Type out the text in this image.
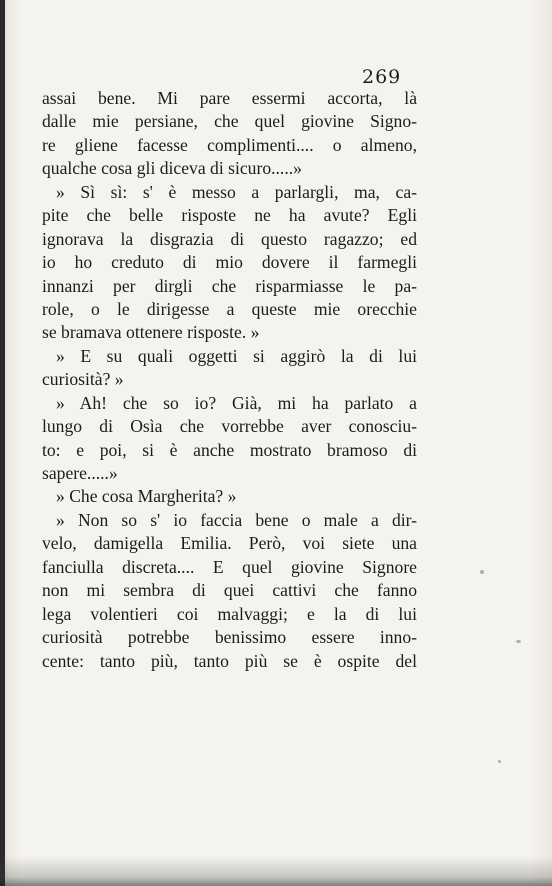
269
assai bene. Mi pare essermi accorta, là
dalle mie persiane, che quel giovine Signo-
re gliene facesse complimenti.... o almeno,
qualche cosa gli diceva di sicuro.....»
» Sì sì: s' è messo a parlargli, ma, ca-
pite che belle risposte ne ha avute? Egli
ignorava la disgrazia di questo ragazzo; ed
io ho creduto di mio dovere il farmegli
innanzi per dirgli che risparmiasse le pa-
role, o le dirigesse a queste mie orecchie
se bramava ottenere risposte. »
» E su quali oggetti si aggirò la di lui
curiosità? »
» Ah! che so io? Già, mi ha parlato a
lungo di Osìa che vorrebbe aver conosciu-
to: e poi, si è anche mostrato bramoso di
sapere.....»
» Che cosa Margherita? »
» Non so s' io faccia bene o male a dir-
velo, damigella Emilia. Però, voi siete una
fanciulla discreta.... E quel giovine Signore
non mi sembra di quei cattivi che fanno
lega volentieri coi malvaggi; e la di lui
curiosità potrebbe benissimo essere inno-
cente: tanto più, tanto più se è ospite del
